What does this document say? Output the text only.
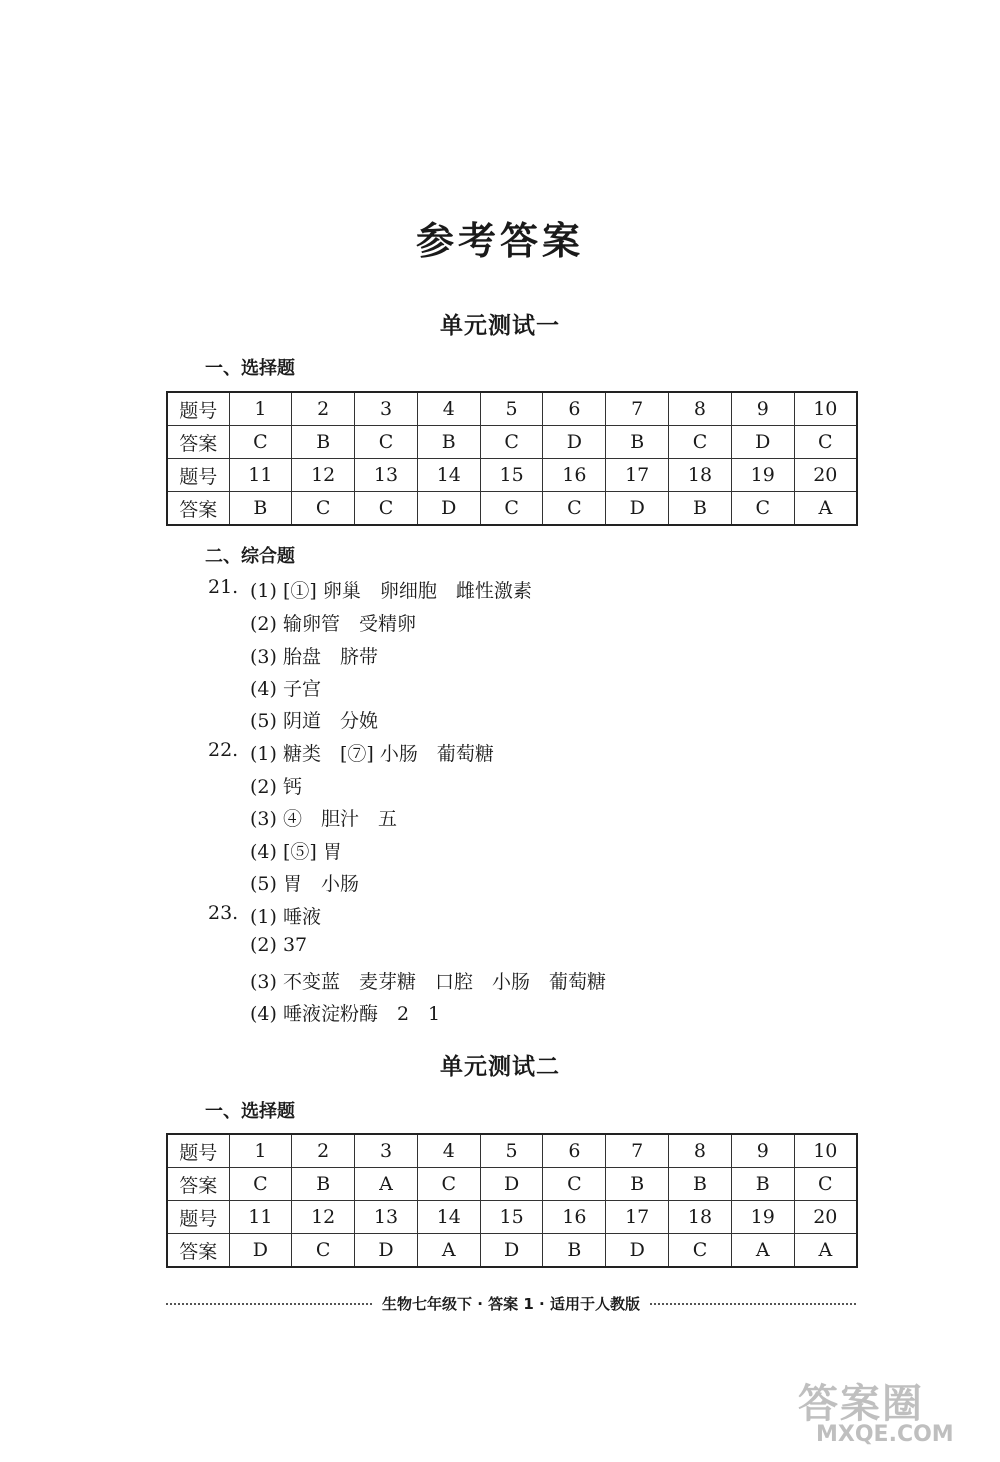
参考答案
单元测试一
一、选择题
题号	1	2	3	4	5	6	7	8	9	10
答案	C	B	C	B	C	D	B	C	D	C
题号	11	12	13	14	15	16	17	18	19	20
答案	B	C	C	D	C	C	D	B	C	A
二、综合题
21. (1) [①] 卵巢　卵细胞　雌性激素
(2) 输卵管　受精卵
(3) 胎盘　脐带
(4) 子宫
(5) 阴道　分娩
22. (1) 糖类　[⑦] 小肠　葡萄糖
(2) 钙
(3) ④　胆汁　五
(4) [⑤] 胃
(5) 胃　小肠
23. (1) 唾液
(2) 37
(3) 不变蓝　麦芽糖　口腔　小肠　葡萄糖
(4) 唾液淀粉酶　2　1
单元测试二
一、选择题
题号	1	2	3	4	5	6	7	8	9	10
答案	C	B	A	C	D	C	B	B	B	C
题号	11	12	13	14	15	16	17	18	19	20
答案	D	C	D	A	D	B	D	C	A	A
生物七年级下 · 答案 1 · 适用于人教版
答案圈
MXQE.COM
